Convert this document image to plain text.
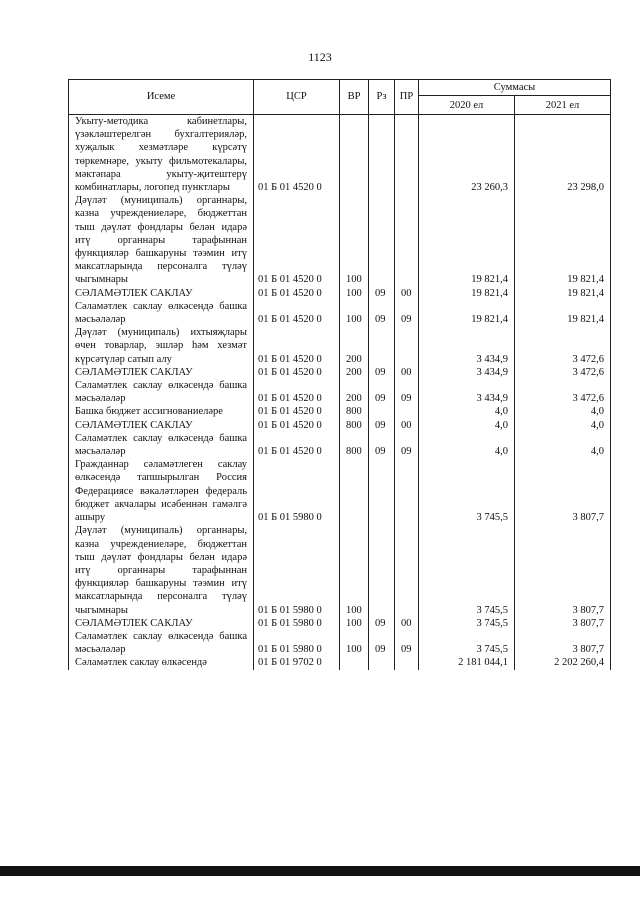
1123
Исеме	ЦСР	ВР	Рз	ПР	Суммасы	
					2020 ел	2021 ел
Укыту-методика кабинетлары, үзәкләштерелгән бухгалтерияләр, хуҗалык хезмәтләре күрсәтү төркемнәре, укыту фильмотекалары, мәктәпара укыту-җитештерү комбинатлары, логопед пунктлары	01 Б 01 4520 0				23 260,3	23 298,0
Дәүләт (муниципаль) органнары, казна учреждениеләре, бюджеттан тыш дәүләт фондлары белән идарә итү органнары тарафыннан функцияләр башкаруны тәэмин итү максатларында персоналга түләү чыгымнары	01 Б 01 4520 0	100			19 821,4	19 821,4
СӘЛАМӘТЛЕК САКЛАУ	01 Б 01 4520 0	100	09	00	19 821,4	19 821,4
Сәламәтлек саклау өлкәсендә башка мәсьәләләр	01 Б 01 4520 0	100	09	09	19 821,4	19 821,4
Дәүләт (муниципаль) ихтыяҗлары өчен товарлар, эшләр һәм хезмәт күрсәтүләр сатып алу	01 Б 01 4520 0	200			3 434,9	3 472,6
СӘЛАМӘТЛЕК САКЛАУ	01 Б 01 4520 0	200	09	00	3 434,9	3 472,6
Сәламәтлек саклау өлкәсендә башка мәсьәләләр	01 Б 01 4520 0	200	09	09	3 434,9	3 472,6
Башка бюджет ассигнованиеләре	01 Б 01 4520 0	800			4,0	4,0
СӘЛАМӘТЛЕК САКЛАУ	01 Б 01 4520 0	800	09	00	4,0	4,0
Сәламәтлек саклау өлкәсендә башка мәсьәләләр	01 Б 01 4520 0	800	09	09	4,0	4,0
Гражданнар сәламәтлеген саклау өлкәсендә тапшырылган Россия Федерациясе вәкаләтләрен федераль бюджет акчалары исәбеннән гамәлгә ашыру	01 Б 01 5980 0				3 745,5	3 807,7
Дәүләт (муниципаль) органнары, казна учреждениеләре, бюджеттан тыш дәүләт фондлары белән идарә итү органнары тарафыннан функцияләр башкаруны тәэмин итү максатларында персоналга түләү чыгымнары	01 Б 01 5980 0	100			3 745,5	3 807,7
СӘЛАМӘТЛЕК САКЛАУ	01 Б 01 5980 0	100	09	00	3 745,5	3 807,7
Сәламәтлек саклау өлкәсендә башка мәсьәләләр	01 Б 01 5980 0	100	09	09	3 745,5	3 807,7
Сәламәтлек саклау өлкәсендә	01 Б 01 9702 0				2 181 044,1	2 202 260,4
